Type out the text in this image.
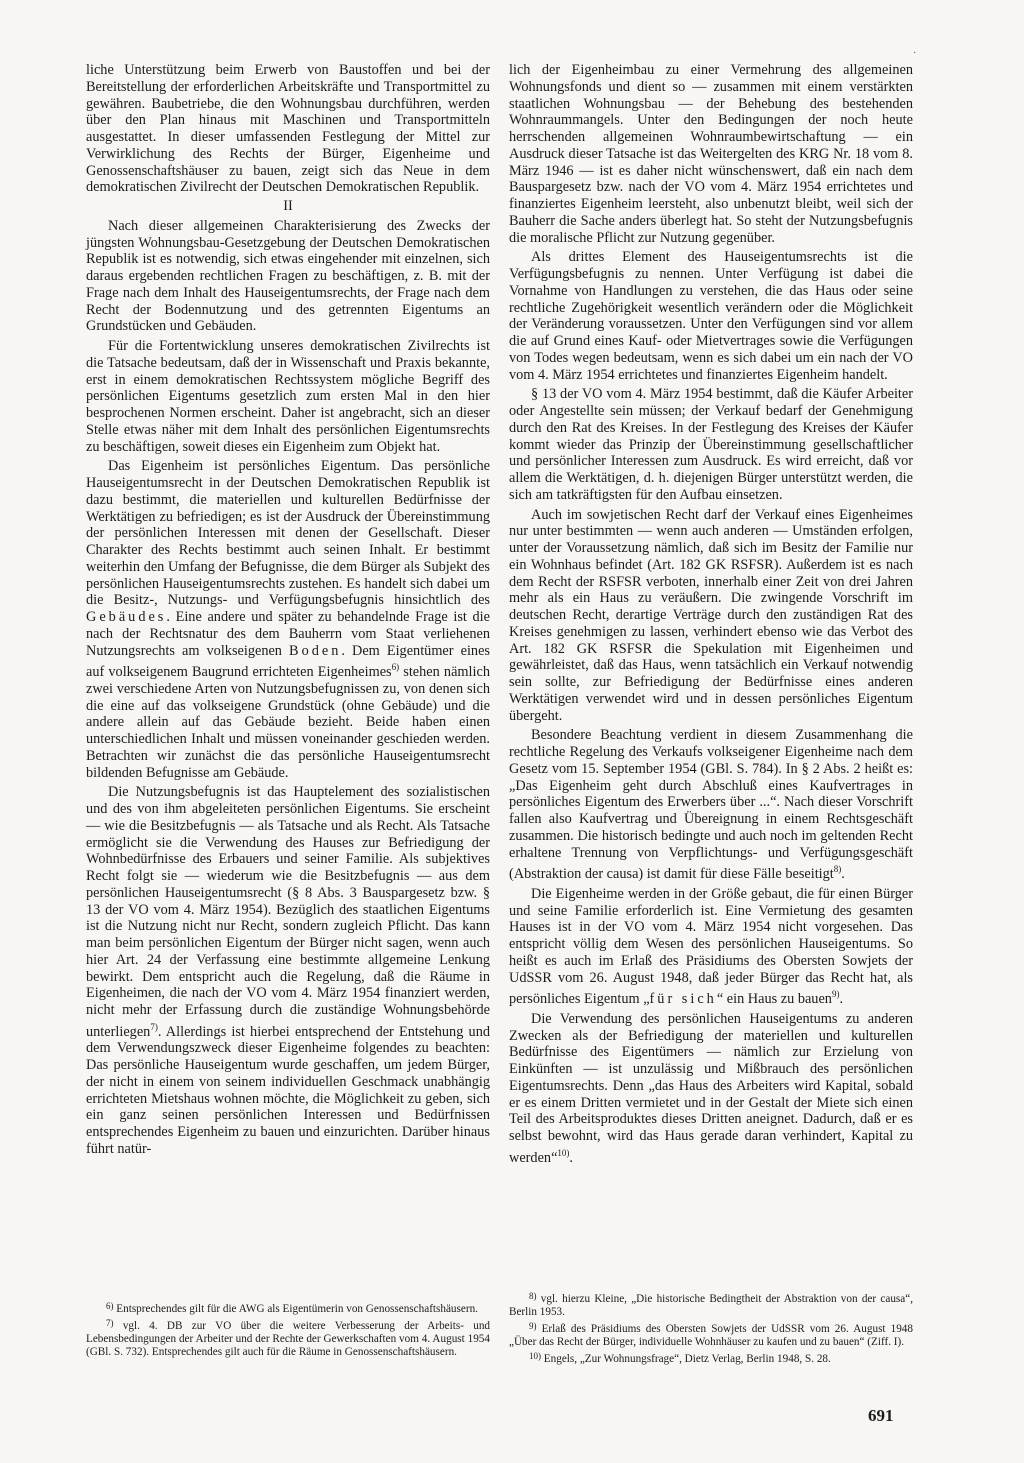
·

liche Unterstützung beim Erwerb von Baustoffen und bei der Bereitstellung der erforderlichen Arbeitskräfte und Transportmittel zu gewähren. Baubetriebe, die den Wohnungsbau durchführen, werden über den Plan hinaus mit Maschinen und Transportmitteln ausgestattet. In dieser umfassenden Festlegung der Mittel zur Verwirklichung des Rechts der Bürger, Eigenheime und Genossenschaftshäuser zu bauen, zeigt sich das Neue in dem demokratischen Zivilrecht der Deutschen Demokratischen Republik.

II

Nach dieser allgemeinen Charakterisierung des Zwecks der jüngsten Wohnungsbau-Gesetzgebung der Deutschen Demokratischen Republik ist es notwendig, sich etwas eingehender mit einzelnen, sich daraus ergebenden rechtlichen Fragen zu beschäftigen, z. B. mit der Frage nach dem Inhalt des Hauseigentumsrechts, der Frage nach dem Recht der Bodennutzung und des getrennten Eigentums an Grundstücken und Gebäuden.

Für die Fortentwicklung unseres demokratischen Zivilrechts ist die Tatsache bedeutsam, daß der in Wissenschaft und Praxis bekannte, erst in einem demokratischen Rechtssystem mögliche Begriff des persönlichen Eigentums gesetzlich zum ersten Mal in den hier besprochenen Normen erscheint. Daher ist angebracht, sich an dieser Stelle etwas näher mit dem Inhalt des persönlichen Eigentumsrechts zu beschäftigen, soweit dieses ein Eigenheim zum Objekt hat.

Das Eigenheim ist persönliches Eigentum. Das persönliche Hauseigentumsrecht in der Deutschen Demokratischen Republik ist dazu bestimmt, die materiellen und kulturellen Bedürfnisse der Werktätigen zu befriedigen; es ist der Ausdruck der Übereinstimmung der persönlichen Interessen mit denen der Gesellschaft. Dieser Charakter des Rechts bestimmt auch seinen Inhalt. Er bestimmt weiterhin den Umfang der Befugnisse, die dem Bürger als Subjekt des persönlichen Hauseigentumsrechts zustehen. Es handelt sich dabei um die Besitz-, Nutzungs- und Verfügungsbefugnis hinsichtlich des Gebäudes. Eine andere und später zu behandelnde Frage ist die nach der Rechtsnatur des dem Bauherrn vom Staat verliehenen Nutzungsrechts am volkseigenen Boden. Dem Eigentümer eines auf volkseigenem Baugrund errichteten Eigenheimes$^{6)}$ stehen nämlich zwei verschiedene Arten von Nutzungsbefugnissen zu, von denen sich die eine auf das volkseigene Grundstück (ohne Gebäude) und die andere allein auf das Gebäude bezieht. Beide haben einen unterschiedlichen Inhalt und müssen voneinander geschieden werden. Betrachten wir zunächst die das persönliche Hauseigentumsrecht bildenden Befugnisse am Gebäude.

Die Nutzungsbefugnis ist das Hauptelement des sozialistischen und des von ihm abgeleiteten persönlichen Eigentums. Sie erscheint — wie die Besitzbefugnis — als Tatsache und als Recht. Als Tatsache ermöglicht sie die Verwendung des Hauses zur Befriedigung der Wohnbedürfnisse des Erbauers und seiner Familie. Als subjektives Recht folgt sie — wiederum wie die Besitzbefugnis — aus dem persönlichen Hauseigentumsrecht (§ 8 Abs. 3 Bauspargesetz bzw. § 13 der VO vom 4. März 1954). Bezüglich des staatlichen Eigentums ist die Nutzung nicht nur Recht, sondern zugleich Pflicht. Das kann man beim persönlichen Eigentum der Bürger nicht sagen, wenn auch hier Art. 24 der Verfassung eine bestimmte allgemeine Lenkung bewirkt. Dem entspricht auch die Regelung, daß die Räume in Eigenheimen, die nach der VO vom 4. März 1954 finanziert werden, nicht mehr der Erfassung durch die zuständige Wohnungsbehörde unterliegen$^{7)}$. Allerdings ist hierbei entsprechend der Entstehung und dem Verwendungszweck dieser Eigenheime folgendes zu beachten: Das persönliche Hauseigentum wurde geschaffen, um jedem Bürger, der nicht in einem von seinem individuellen Geschmack unabhängig errichteten Mietshaus wohnen möchte, die Möglichkeit zu geben, sich ein ganz seinen persönlichen Interessen und Bedürfnissen entsprechendes Eigenheim zu bauen und einzurichten. Darüber hinaus führt natür-

$^{6)}$ Entsprechendes gilt für die AWG als Eigentümerin von Genossenschaftshäusern.

$^{7)}$ vgl. 4. DB zur VO über die weitere Verbesserung der Arbeits- und Lebensbedingungen der Arbeiter und der Rechte der Gewerkschaften vom 4. August 1954 (GBl. S. 732). Entsprechendes gilt auch für die Räume in Genossenschaftshäusern.

lich der Eigenheimbau zu einer Vermehrung des allgemeinen Wohnungsfonds und dient so — zusammen mit einem verstärkten staatlichen Wohnungsbau — der Behebung des bestehenden Wohnraummangels. Unter den Bedingungen der noch heute herrschenden allgemeinen Wohnraumbewirtschaftung — ein Ausdruck dieser Tatsache ist das Weitergelten des KRG Nr. 18 vom 8. März 1946 — ist es daher nicht wünschenswert, daß ein nach dem Bauspargesetz bzw. nach der VO vom 4. März 1954 errichtetes und finanziertes Eigenheim leersteht, also unbenutzt bleibt, weil sich der Bauherr die Sache anders überlegt hat. So steht der Nutzungsbefugnis die moralische Pflicht zur Nutzung gegenüber.

Als drittes Element des Hauseigentumsrechts ist die Verfügungsbefugnis zu nennen. Unter Verfügung ist dabei die Vornahme von Handlungen zu verstehen, die das Haus oder seine rechtliche Zugehörigkeit wesentlich verändern oder die Möglichkeit der Veränderung voraussetzen. Unter den Verfügungen sind vor allem die auf Grund eines Kauf- oder Mietvertrages sowie die Verfügungen von Todes wegen bedeutsam, wenn es sich dabei um ein nach der VO vom 4. März 1954 errichtetes und finanziertes Eigenheim handelt.

§ 13 der VO vom 4. März 1954 bestimmt, daß die Käufer Arbeiter oder Angestellte sein müssen; der Verkauf bedarf der Genehmigung durch den Rat des Kreises. In der Festlegung des Kreises der Käufer kommt wieder das Prinzip der Übereinstimmung gesellschaftlicher und persönlicher Interessen zum Ausdruck. Es wird erreicht, daß vor allem die Werktätigen, d. h. diejenigen Bürger unterstützt werden, die sich am tatkräftigsten für den Aufbau einsetzen.

Auch im sowjetischen Recht darf der Verkauf eines Eigenheimes nur unter bestimmten — wenn auch anderen — Umständen erfolgen, unter der Voraussetzung nämlich, daß sich im Besitz der Familie nur ein Wohnhaus befindet (Art. 182 GK RSFSR). Außerdem ist es nach dem Recht der RSFSR verboten, innerhalb einer Zeit von drei Jahren mehr als ein Haus zu veräußern. Die zwingende Vorschrift im deutschen Recht, derartige Verträge durch den zuständigen Rat des Kreises genehmigen zu lassen, verhindert ebenso wie das Verbot des Art. 182 GK RSFSR die Spekulation mit Eigenheimen und gewährleistet, daß das Haus, wenn tatsächlich ein Verkauf notwendig sein sollte, zur Befriedigung der Bedürfnisse eines anderen Werktätigen verwendet wird und in dessen persönliches Eigentum übergeht.

Besondere Beachtung verdient in diesem Zusammenhang die rechtliche Regelung des Verkaufs volkseigener Eigenheime nach dem Gesetz vom 15. September 1954 (GBl. S. 784). In § 2 Abs. 2 heißt es: „Das Eigenheim geht durch Abschluß eines Kaufvertrages in persönliches Eigentum des Erwerbers über ...“. Nach dieser Vorschrift fallen also Kaufvertrag und Übereignung in einem Rechtsgeschäft zusammen. Die historisch bedingte und auch noch im geltenden Recht erhaltene Trennung von Verpflichtungs- und Verfügungsgeschäft (Abstraktion der causa) ist damit für diese Fälle beseitigt$^{8)}$.

Die Eigenheime werden in der Größe gebaut, die für einen Bürger und seine Familie erforderlich ist. Eine Vermietung des gesamten Hauses ist in der VO vom 4. März 1954 nicht vorgesehen. Das entspricht völlig dem Wesen des persönlichen Hauseigentums. So heißt es auch im Erlaß des Präsidiums des Obersten Sowjets der UdSSR vom 26. August 1948, daß jeder Bürger das Recht hat, als persönliches Eigentum „für sich“ ein Haus zu bauen$^{9)}$.

Die Verwendung des persönlichen Hauseigentums zu anderen Zwecken als der Befriedigung der materiellen und kulturellen Bedürfnisse des Eigentümers — nämlich zur Erzielung von Einkünften — ist unzulässig und Mißbrauch des persönlichen Eigentumsrechts. Denn „das Haus des Arbeiters wird Kapital, sobald er es einem Dritten vermietet und in der Gestalt der Miete sich einen Teil des Arbeitsproduktes dieses Dritten aneignet. Dadurch, daß er es selbst bewohnt, wird das Haus gerade daran verhindert, Kapital zu werden“$^{10)}$.

$^{8)}$ vgl. hierzu Kleine, „Die historische Bedingtheit der Abstraktion von der causa“, Berlin 1953.

$^{9)}$ Erlaß des Präsidiums des Obersten Sowjets der UdSSR vom 26. August 1948 „Über das Recht der Bürger, individuelle Wohnhäuser zu kaufen und zu bauen“ (Ziff. I).

$^{10)}$ Engels, „Zur Wohnungsfrage“, Dietz Verlag, Berlin 1948, S. 28.

691
